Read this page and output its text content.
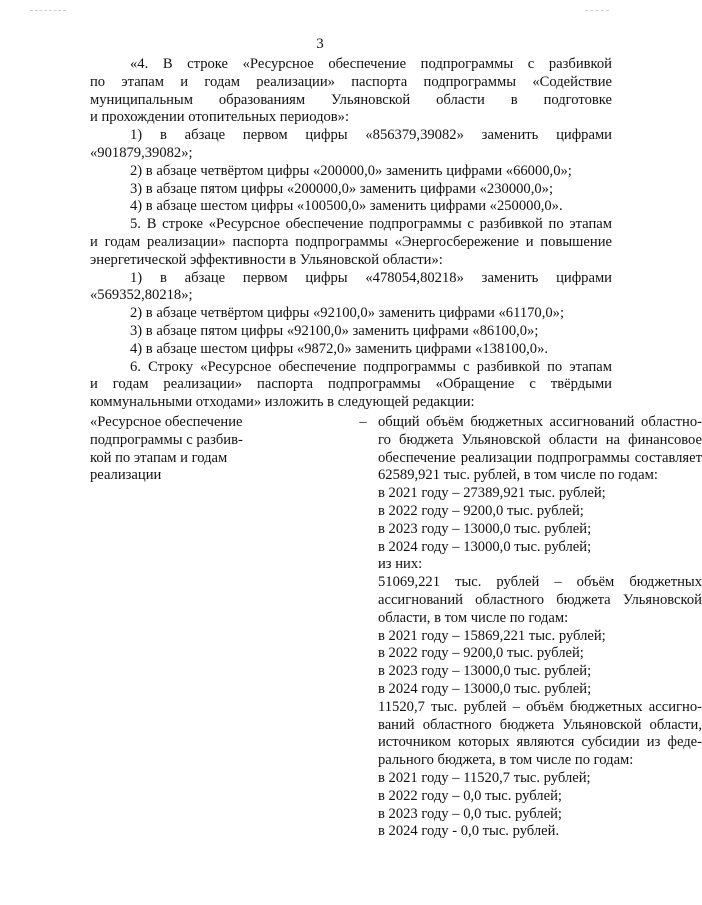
3
«4. В строке «Ресурсное обеспечение подпрограммы с разбивкой
по этапам и годам реализации» паспорта подпрограммы «Содействие
муниципальным образованиям Ульяновской области в подготовке
и прохождении отопительных периодов»:
1) в абзаце первом цифры «856379,39082» заменить цифрами
«901879,39082»;
2) в абзаце четвёртом цифры «200000,0» заменить цифрами «66000,0»;
3) в абзаце пятом цифры «200000,0» заменить цифрами «230000,0»;
4) в абзаце шестом цифры «100500,0» заменить цифрами «250000,0».
5. В строке «Ресурсное обеспечение подпрограммы с разбивкой по этапам
и годам реализации» паспорта подпрограммы «Энергосбережение и повышение
энергетической эффективности в Ульяновской области»:
1) в абзаце первом цифры «478054,80218» заменить цифрами
«569352,80218»;
2) в абзаце четвёртом цифры «92100,0» заменить цифрами «61170,0»;
3) в абзаце пятом цифры «92100,0» заменить цифрами «86100,0»;
4) в абзаце шестом цифры «9872,0» заменить цифрами «138100,0».
6. Строку «Ресурсное обеспечение подпрограммы с разбивкой по этапам
и годам реализации» паспорта подпрограммы «Обращение с твёрдыми
коммунальными отходами» изложить в следующей редакции:
«Ресурсное обеспечение
подпрограммы с разбив-
кой по этапам и годам
реализации
– общий объём бюджетных ассигнований областно-
го бюджета Ульяновской области на финансовое
обеспечение реализации подпрограммы составляет
62589,921 тыс. рублей, в том числе по годам:
в 2021 году – 27389,921 тыс. рублей;
в 2022 году – 9200,0 тыс. рублей;
в 2023 году – 13000,0 тыс. рублей;
в 2024 году – 13000,0 тыс. рублей;
из них:
51069,221 тыс. рублей – объём бюджетных
ассигнований областного бюджета Ульяновской
области, в том числе по годам:
в 2021 году – 15869,221 тыс. рублей;
в 2022 году – 9200,0 тыс. рублей;
в 2023 году – 13000,0 тыс. рублей;
в 2024 году – 13000,0 тыс. рублей;
11520,7 тыс. рублей – объём бюджетных ассигно-
ваний областного бюджета Ульяновской области,
источником которых являются субсидии из феде-
рального бюджета, в том числе по годам:
в 2021 году – 11520,7 тыс. рублей;
в 2022 году – 0,0 тыс. рублей;
в 2023 году – 0,0 тыс. рублей;
в 2024 году - 0,0 тыс. рублей.
